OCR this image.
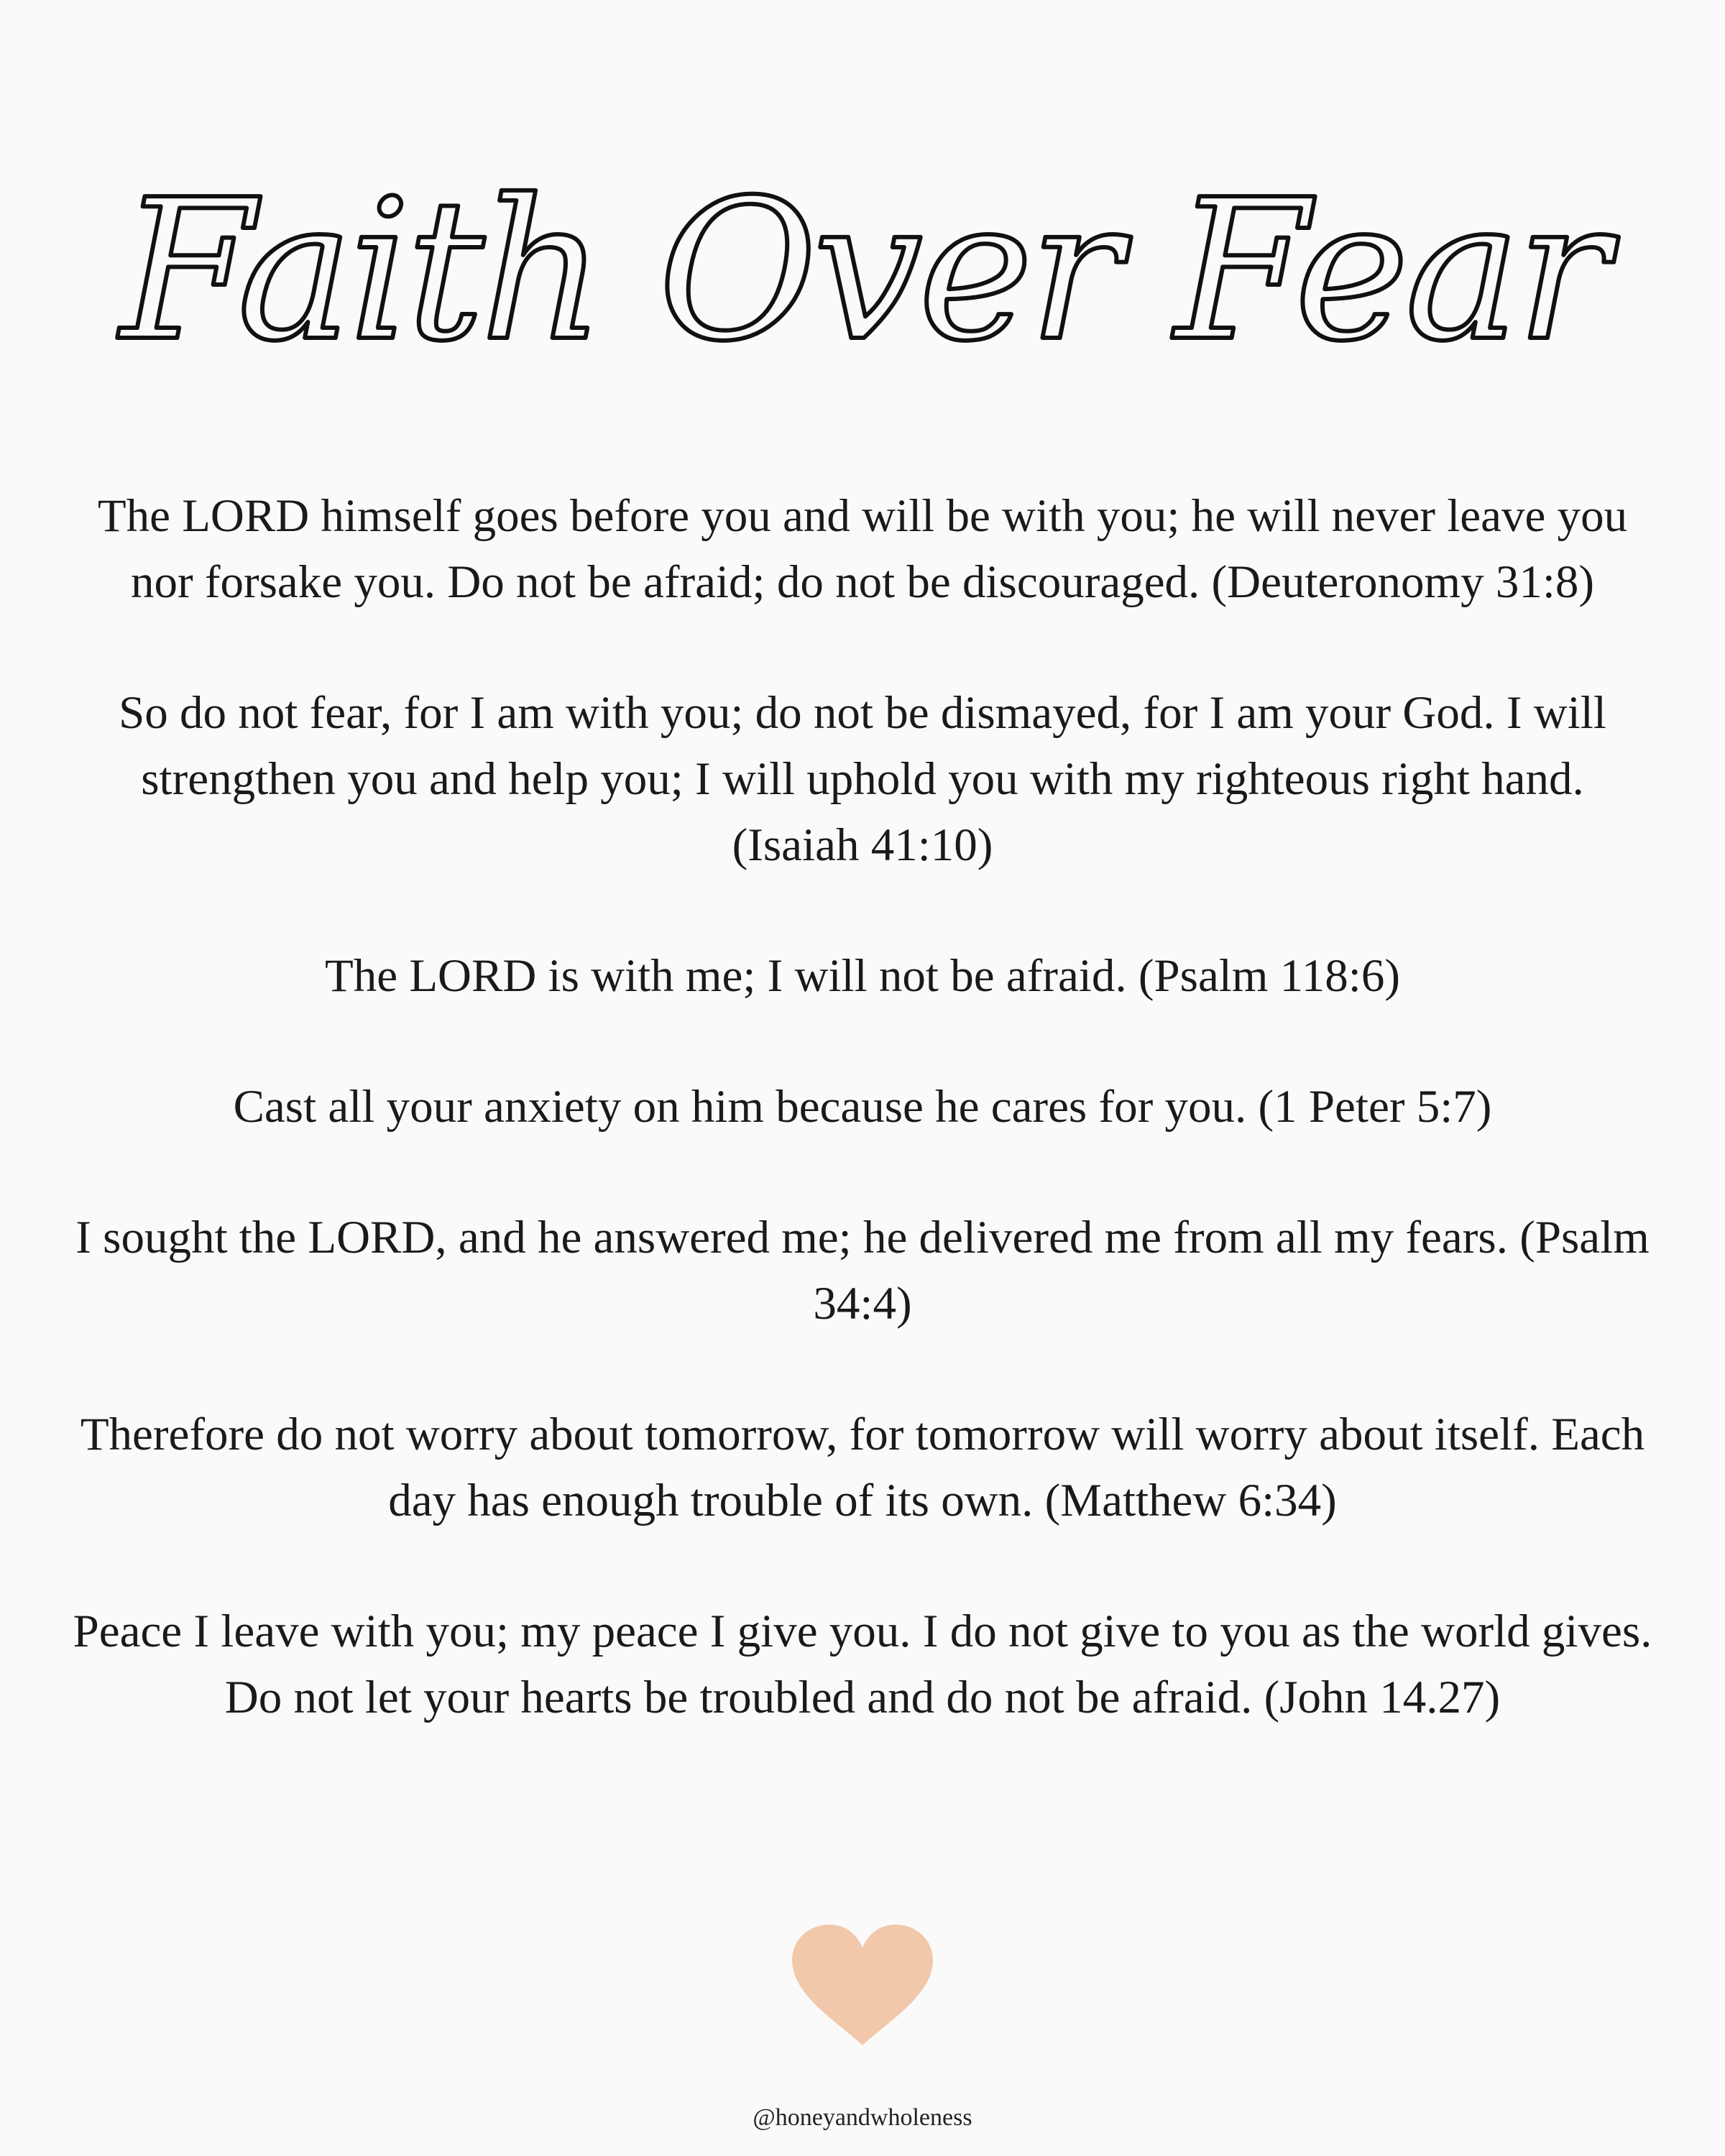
Faith Over Fear

The LORD himself goes before you and will be with you; he will never leave you nor forsake you. Do not be afraid; do not be discouraged. (Deuteronomy 31:8)

So do not fear, for I am with you; do not be dismayed, for I am your God. I will strengthen you and help you; I will uphold you with my righteous right hand. (Isaiah 41:10)

The LORD is with me; I will not be afraid. (Psalm 118:6)

Cast all your anxiety on him because he cares for you. (1 Peter 5:7)

I sought the LORD, and he answered me; he delivered me from all my fears. (Psalm 34:4)

Therefore do not worry about tomorrow, for tomorrow will worry about itself. Each day has enough trouble of its own. (Matthew 6:34)

Peace I leave with you; my peace I give you. I do not give to you as the world gives. Do not let your hearts be troubled and do not be afraid. (John 14.27)

@honeyandwholeness
